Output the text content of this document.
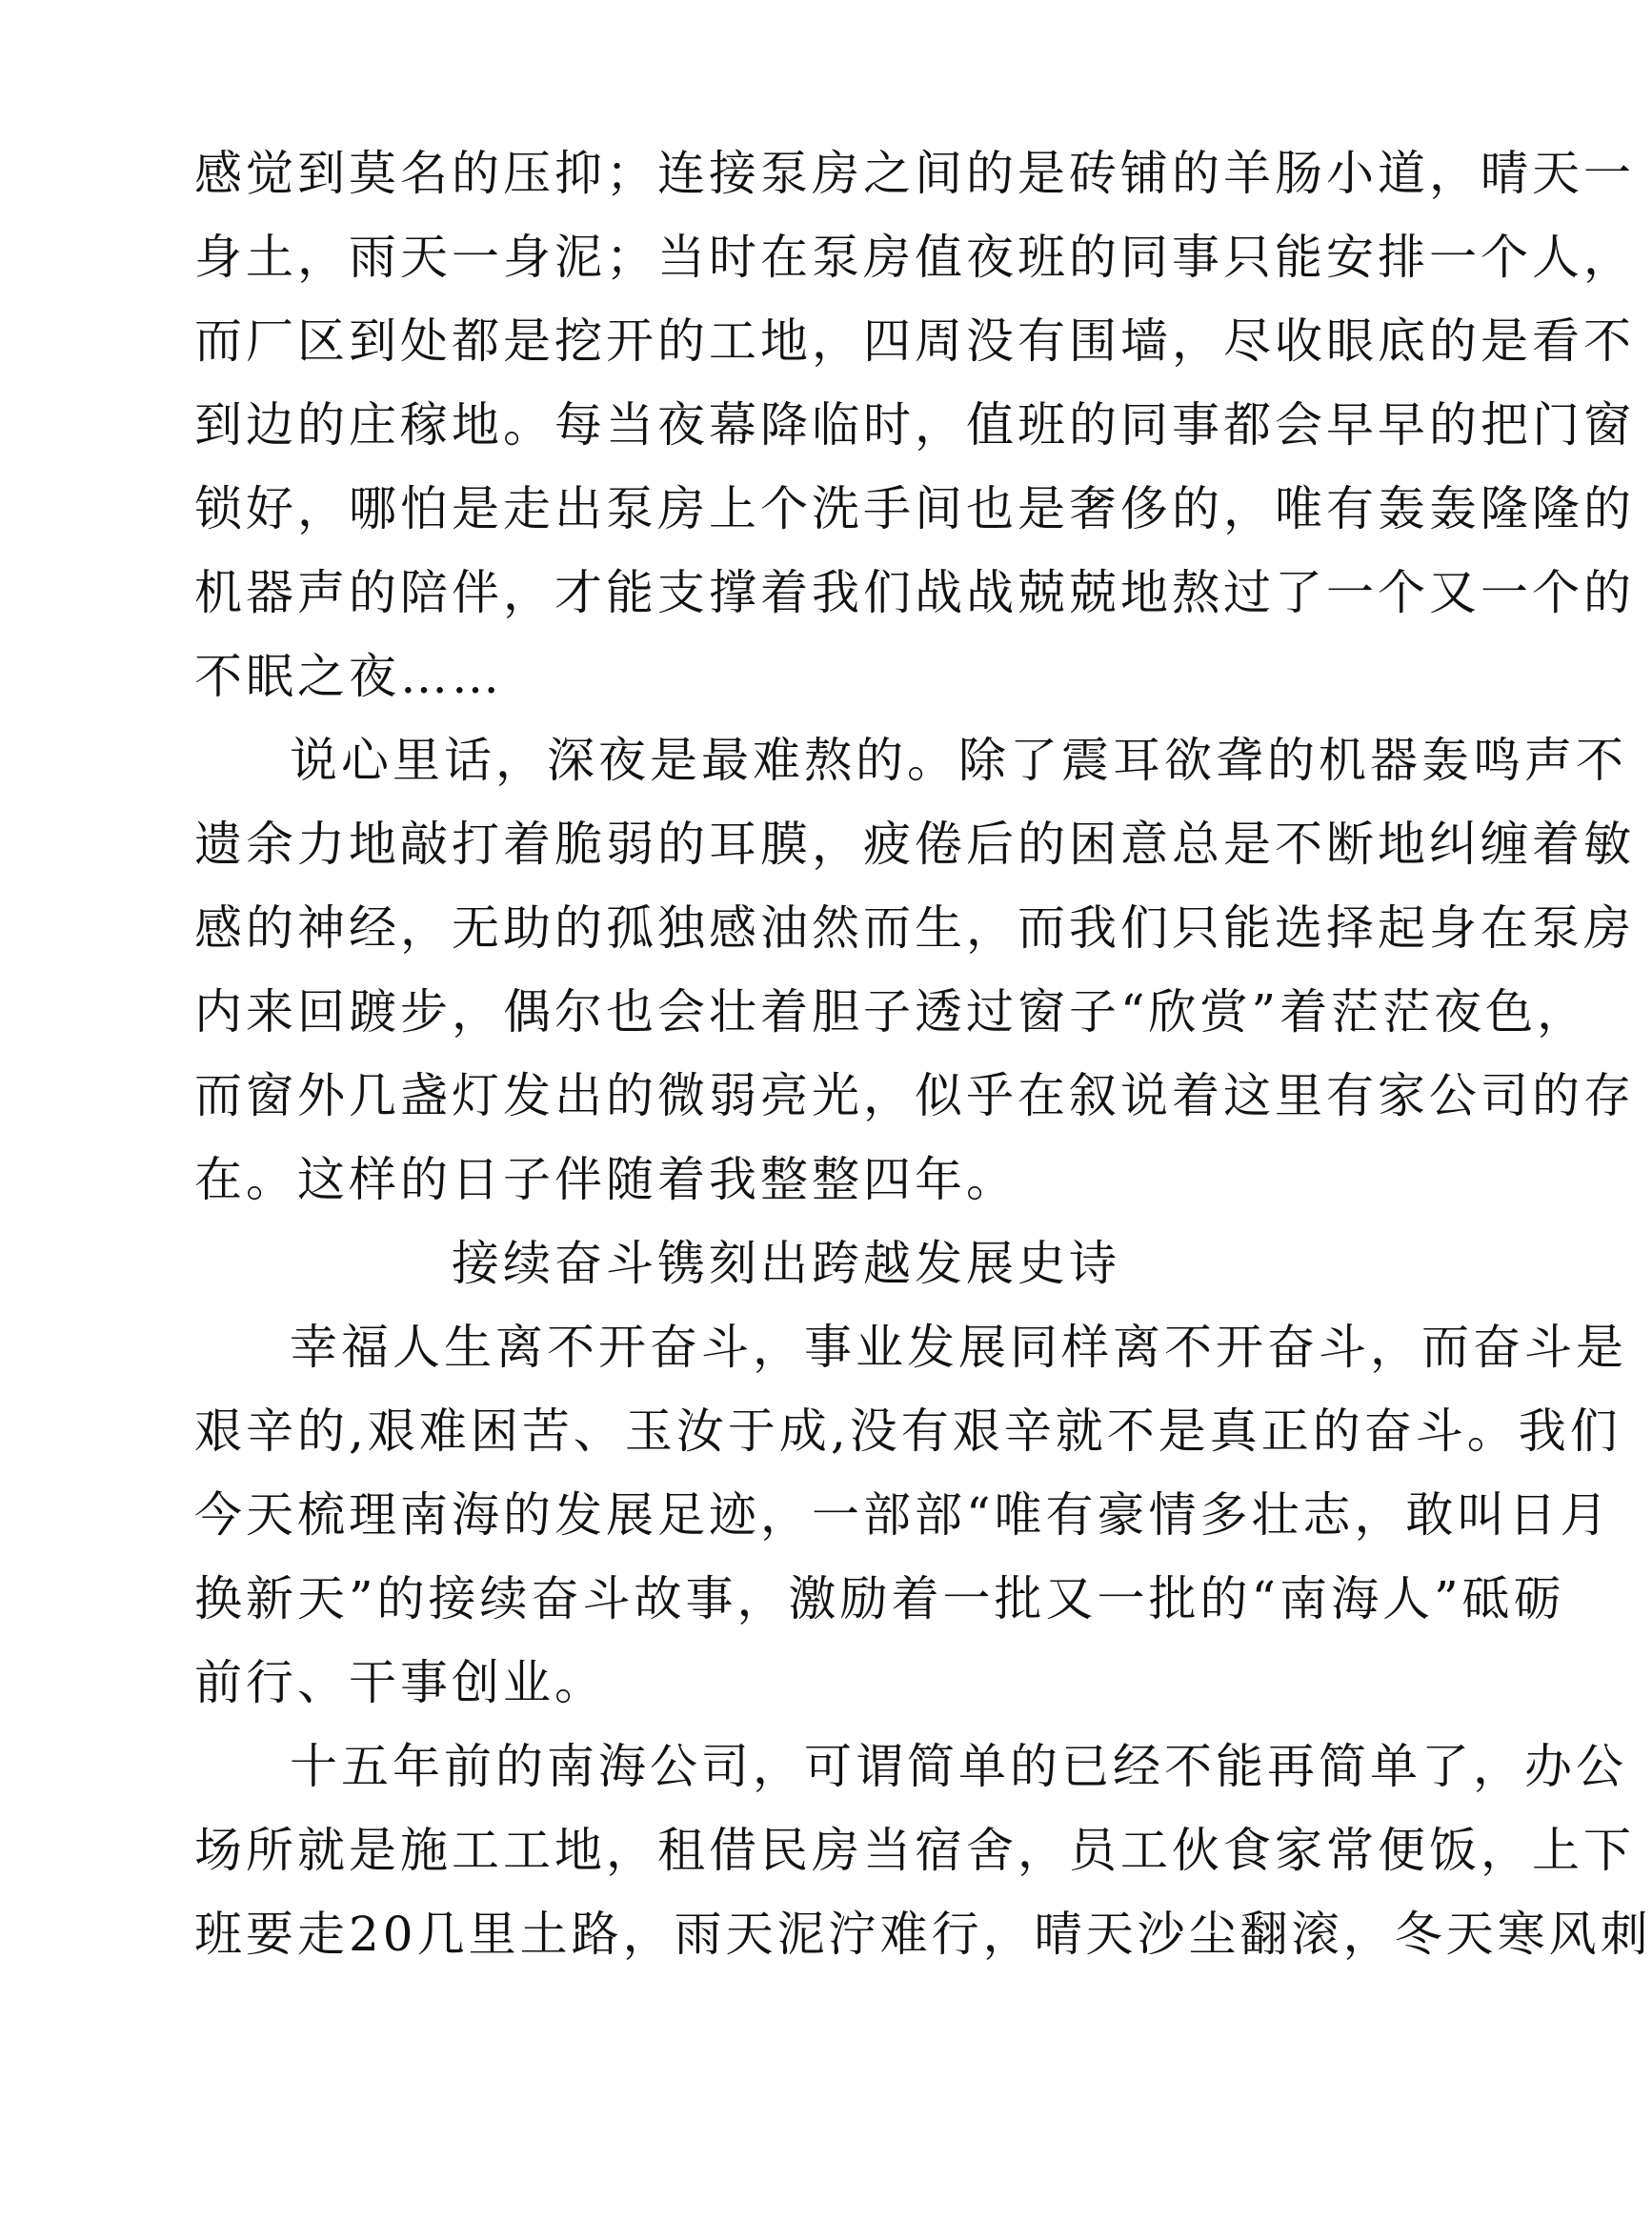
感觉到莫名的压抑；连接泵房之间的是砖铺的羊肠小道，晴天一
身土，雨天一身泥；当时在泵房值夜班的同事只能安排一个人，
而厂区到处都是挖开的工地，四周没有围墙，尽收眼底的是看不
到边的庄稼地。每当夜幕降临时，值班的同事都会早早的把门窗
锁好，哪怕是走出泵房上个洗手间也是奢侈的，唯有轰轰隆隆的
机器声的陪伴，才能支撑着我们战战兢兢地熬过了一个又一个的
不眠之夜……
说心里话，深夜是最难熬的。除了震耳欲聋的机器轰鸣声不
遗余力地敲打着脆弱的耳膜，疲倦后的困意总是不断地纠缠着敏
感的神经，无助的孤独感油然而生，而我们只能选择起身在泵房
内来回踱步，偶尔也会壮着胆子透过窗子“欣赏”着茫茫夜色，
而窗外几盏灯发出的微弱亮光，似乎在叙说着这里有家公司的存
在。这样的日子伴随着我整整四年。
接续奋斗镌刻出跨越发展史诗
幸福人生离不开奋斗，事业发展同样离不开奋斗，而奋斗是
艰辛的,艰难困苦、玉汝于成,没有艰辛就不是真正的奋斗。我们
今天梳理南海的发展足迹，一部部“唯有豪情多壮志，敢叫日月
换新天”的接续奋斗故事，激励着一批又一批的“南海人”砥砺
前行、干事创业。
十五年前的南海公司，可谓简单的已经不能再简单了，办公
场所就是施工工地，租借民房当宿舍，员工伙食家常便饭，上下
班要走20几里土路，雨天泥泞难行，晴天沙尘翻滚，冬天寒风刺
